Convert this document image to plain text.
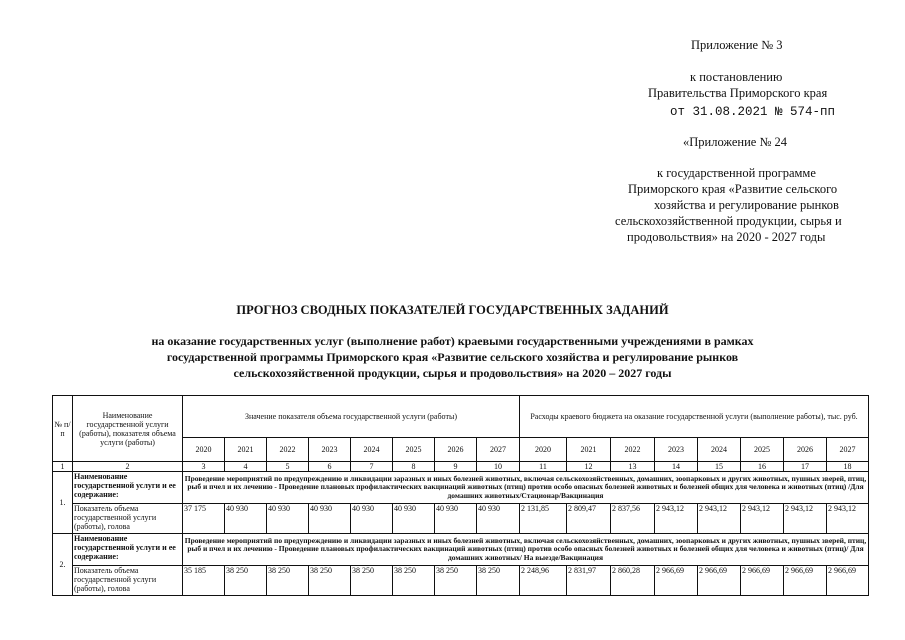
Приложение № 3
к постановлению
Правительства Приморского края
от 31.08.2021 № 574-пп
«Приложение № 24
к государственной программе
Приморского края «Развитие сельского
хозяйства и регулирование рынков
сельскохозяйственной продукции, сырья и
продовольствия» на 2020 - 2027 годы
ПРОГНОЗ СВОДНЫХ ПОКАЗАТЕЛЕЙ ГОСУДАРСТВЕННЫХ ЗАДАНИЙ
на оказание государственных услуг (выполнение работ) краевыми государственными учреждениями в рамках
государственной программы Приморского края «Развитие сельского хозяйства и регулирование рынков
сельскохозяйственной продукции, сырья и продовольствия» на 2020 – 2027 годы
№ п/п	Наименование государственной услуги (работы), показателя объема услуги (работы)	Значение показателя объема государственной услуги (работы)								Расходы краевого бюджета на оказание государственной услуги (выполнение работы), тыс. руб.							
		2020	2021	2022	2023	2024	2025	2026	2027	2020	2021	2022	2023	2024	2025	2026	2027
1	2	3	4	5	6	7	8	9	10	11	12	13	14	15	16	17	18
1.	Наименование государственной услуги и ее содержание:	Проведение мероприятий по предупреждению и ликвидации заразных и иных болезней животных, включая сельскохозяйственных, домашних, зоопарковых и других животных, пушных зверей, птиц, рыб и пчел и их лечению - Проведение плановых профилактических вакцинаций животных (птиц) против особо опасных болезней животных и болезней общих для человека и животных (птиц) /Для домашних животных/Стационар/Вакцинация															
	Показатель объема государственной услуги (работы), голова	37 175	40 930	40 930	40 930	40 930	40 930	40 930	40 930	2 131,85	2 809,47	2 837,56	2 943,12	2 943,12	2 943,12	2 943,12	2 943,12
2.	Наименование государственной услуги и ее содержание:	Проведение мероприятий по предупреждению и ликвидации заразных и иных болезней животных, включая сельскохозяйственных, домашних, зоопарковых и других животных, пушных зверей, птиц, рыб и пчел и их лечению - Проведение плановых профилактических вакцинаций животных (птиц) против особо опасных болезней животных и болезней общих для человека и животных (птиц)/ Для домашних животных/ На выезде/Вакцинация															
	Показатель объема государственной услуги (работы), голова	35 185	38 250	38 250	38 250	38 250	38 250	38 250	38 250	2 248,96	2 831,97	2 860,28	2 966,69	2 966,69	2 966,69	2 966,69	2 966,69
